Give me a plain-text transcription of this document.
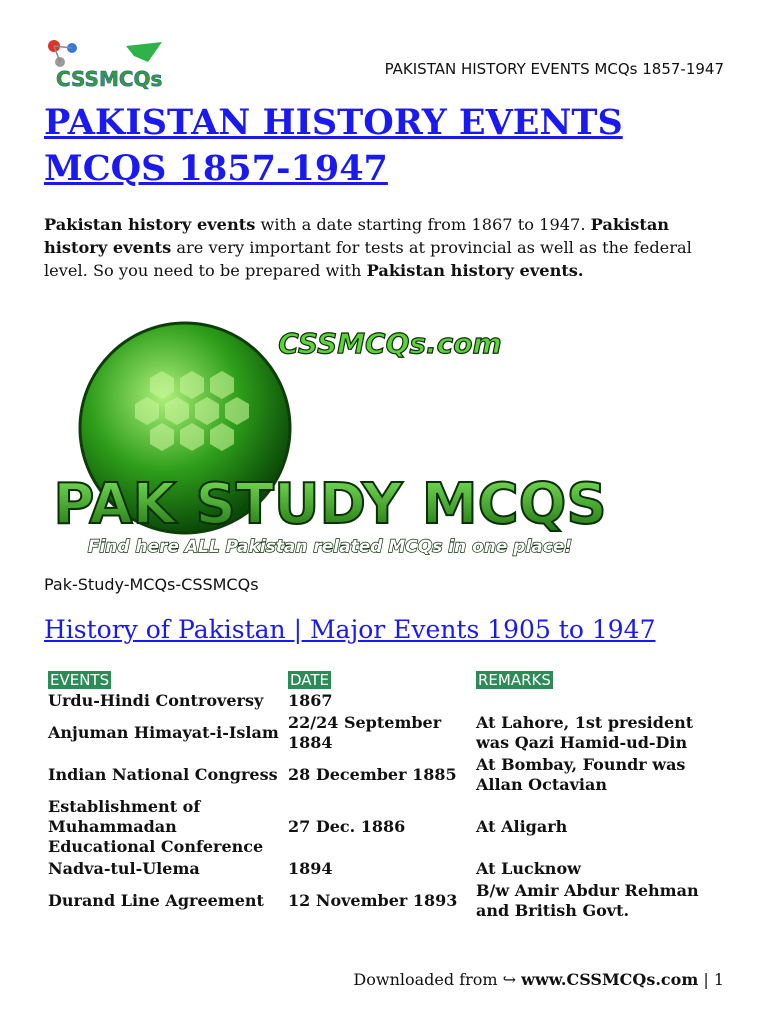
CSSMCQs	PAKISTAN HISTORY EVENTS MCQs 1857-1947
PAKISTAN HISTORY EVENTS MCQS 1857-1947

Pakistan history events with a date starting from 1867 to 1947. Pakistan history events are very important for tests at provincial as well as the federal level. So you need to be prepared with Pakistan history events.

CSSMCQs.com
PAK STUDY MCQS
Find here ALL Pakistan related MCQs in one place!
Pak-Study-MCQs-CSSMCQs
History of Pakistan | Major Events 1905 to 1947
EVENTS	DATE	REMARKS
Urdu-Hindi Controversy	1867	
Anjuman Himayat-i-Islam	22/24 September 1884	At Lahore, 1st president was Qazi Hamid-ud-Din
Indian National Congress	28 December 1885	At Bombay, Foundr was Allan Octavian
Establishment of Muhammadan Educational Conference	27 Dec. 1886	At Aligarh
Nadva-tul-Ulema	1894	At Lucknow
Durand Line Agreement	12 November 1893	B/w Amir Abdur Rehman and British Govt.
Downloaded from ↪ www.CSSMCQs.com | 1
